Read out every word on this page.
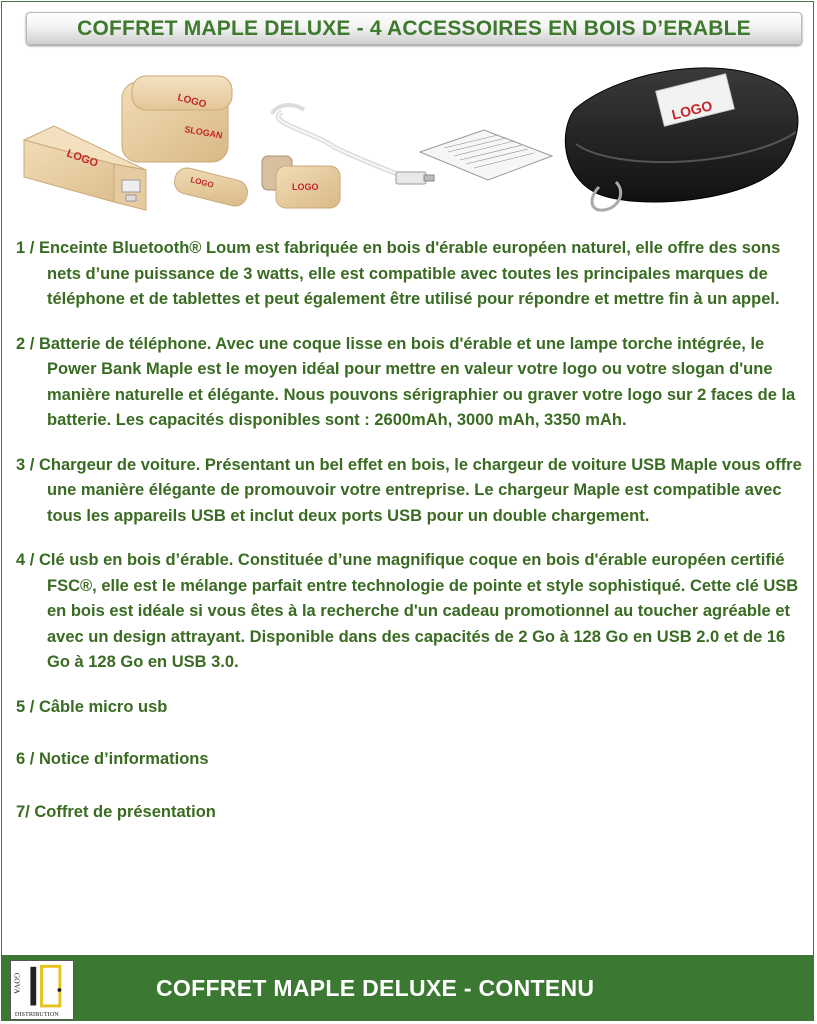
COFFRET MAPLE DELUXE - 4 ACCESSOIRES EN BOIS D’ERABLE
LOGO
LOGO
SLOGAN
LOGO	LOGO
LOGO

1 / Enceinte Bluetooth® Loum est fabriquée en bois d'érable européen naturel, elle offre des sons nets d’une puissance de 3 watts, elle est compatible avec toutes les principales marques de téléphone et de tablettes et peut également être utilisé pour répondre et mettre fin à un appel.

2 / Batterie de téléphone. Avec une coque lisse en bois d'érable et une lampe torche intégrée, le Power Bank Maple est le moyen idéal pour mettre en valeur votre logo ou votre slogan d'une manière naturelle et élégante. Nous pouvons sérigraphier ou graver votre logo sur 2 faces de la batterie. Les capacités disponibles sont : 2600mAh, 3000 mAh, 3350 mAh.

3 / Chargeur de voiture. Présentant un bel effet en bois, le chargeur de voiture USB Maple vous offre une manière élégante de promouvoir votre entreprise. Le chargeur Maple est compatible avec tous les appareils USB et inclut deux ports USB pour un double chargement.

4 / Clé usb en bois d’érable. Constituée d’une magnifique coque en bois d'érable européen certifié FSC®, elle est le mélange parfait entre technologie de pointe et style sophistiqué. Cette clé USB en bois est idéale si vous êtes à la recherche d'un cadeau promotionnel au toucher agréable et avec un design attrayant. Disponible dans des capacités de 2 Go à 128 Go en USB 2.0 et de 16 Go à 128 Go en USB 3.0.

5 / Câble micro usb

6 / Notice d’informations

7/ Coffret de présentation

COFFRET MAPLE DELUXE - CONTENU
GOVA
DISTRIBUTION
